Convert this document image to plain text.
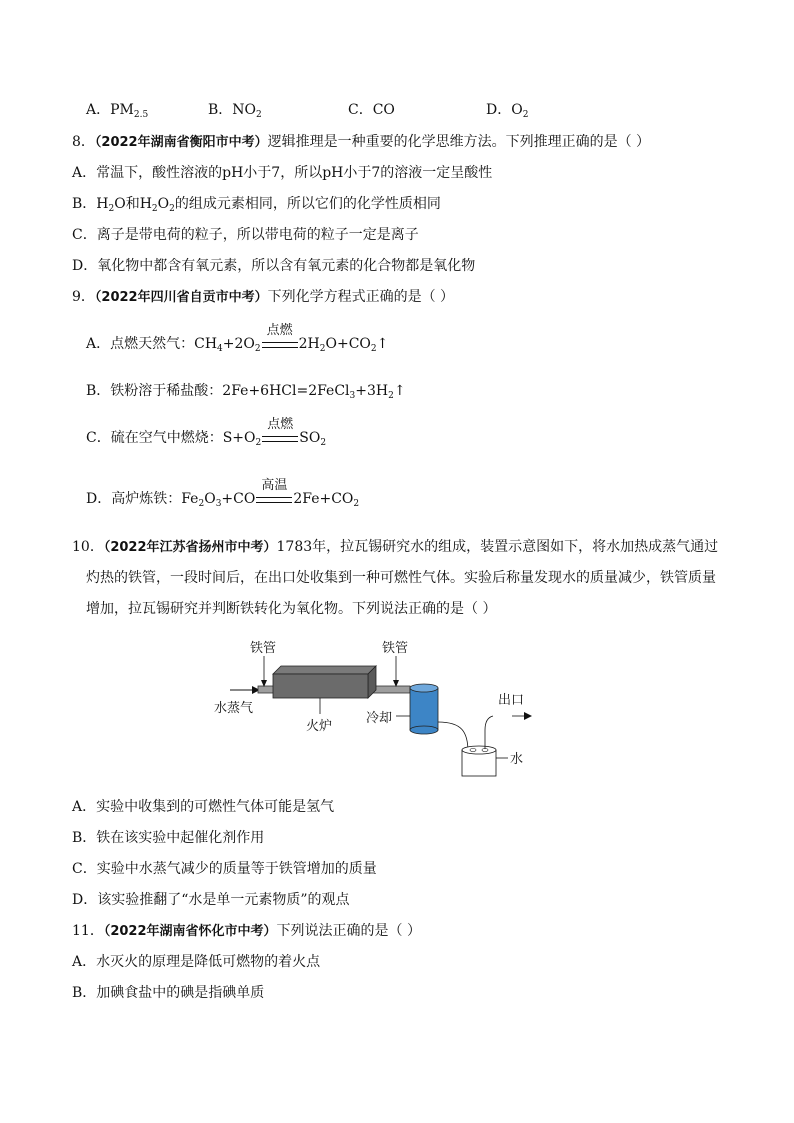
A．$PM_{2.5}$	B．$NO_2$	C．CO	D．$O_2$
8．（2022年湖南省衡阳市中考）逻辑推理是一种重要的化学思维方法。下列推理正确的是（ ）
A．常温下，酸性溶液的pH小于7，所以pH小于7的溶液一定呈酸性
B．$H_2O$和$H_2O_2$的组成元素相同，所以它们的化学性质相同
C．离子是带电荷的粒子，所以带电荷的粒子一定是离子
D．氧化物中都含有氧元素，所以含有氧元素的化合物都是氧化物
9．（2022年四川省自贡市中考）下列化学方程式正确的是（ ）
A．点燃天然气：$CH_4+2O_2$
点燃
$2H_2O+CO_2↑$
B．铁粉溶于稀盐酸：$2Fe+6HCl=2FeCl_3+3H_2↑$
C．硫在空气中燃烧：$S+O_2$
点燃
$SO_2$
D．高炉炼铁：$Fe_2O_3+CO$
高温
$2Fe+CO_2$
10．（2022年江苏省扬州市中考）1783年，拉瓦锡研究水的组成，装置示意图如下，将水加热成蒸气通过
灼热的铁管，一段时间后，在出口处收集到一种可燃性气体。实验后称量发现水的质量减少，铁管质量
增加，拉瓦锡研究并判断铁转化为氧化物。下列说法正确的是（ ）
铁管	铁管
水蒸气
火炉
冷却
出口
水
A．实验中收集到的可燃性气体可能是氢气
B．铁在该实验中起催化剂作用
C．实验中水蒸气减少的质量等于铁管增加的质量
D．该实验推翻了“水是单一元素物质”的观点
11．（2022年湖南省怀化市中考）下列说法正确的是（ ）
A．水灭火的原理是降低可燃物的着火点
B．加碘食盐中的碘是指碘单质
